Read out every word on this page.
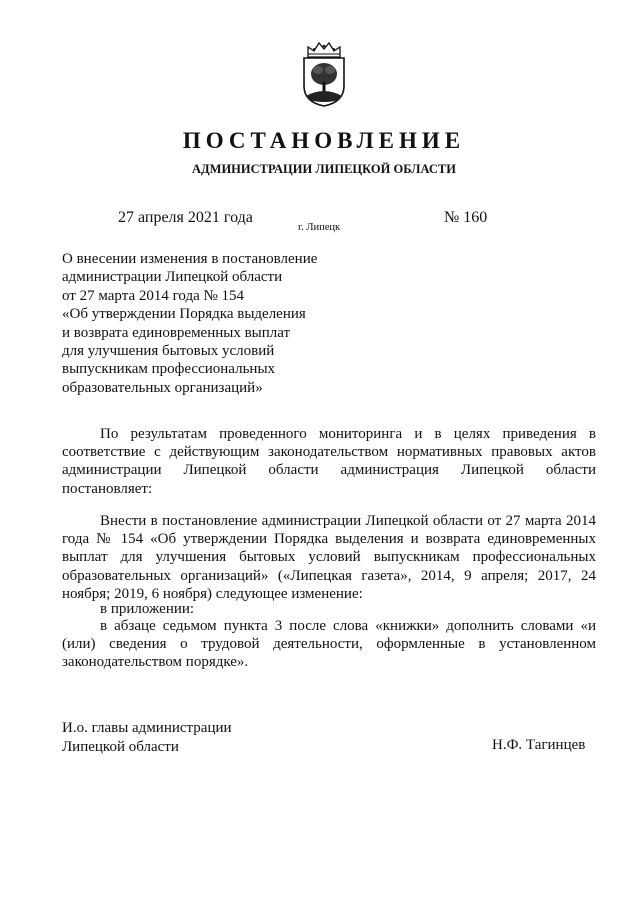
ПОСТАНОВЛЕНИЕ
АДМИНИСТРАЦИИ ЛИПЕЦКОЙ ОБЛАСТИ
27 апреля 2021 года
г. Липецк
№ 160
О внесении изменения в постановление
администрации Липецкой области
от 27 марта 2014 года № 154
«Об утверждении Порядка выделения
и возврата единовременных выплат
для улучшения бытовых условий
выпускникам профессиональных
образовательных организаций»

По результатам проведенного мониторинга и в целях приведения в соответствие с действующим законодательством нормативных правовых актов администрации Липецкой области администрация Липецкой области постановляет:

Внести в постановление администрации Липецкой области от 27 марта 2014 года № 154 «Об утверждении Порядка выделения и возврата единовременных выплат для улучшения бытовых условий выпускникам профессиональных образовательных организаций» («Липецкая газета», 2014, 9 апреля; 2017, 24 ноября; 2019, 6 ноября) следующее изменение:

в приложении:

в абзаце седьмом пункта 3 после слова «книжки» дополнить словами «и (или) сведения о трудовой деятельности, оформленные в установленном законодательством порядке».

И.о. главы администрации
Липецкой области	Н.Ф. Тагинцев
